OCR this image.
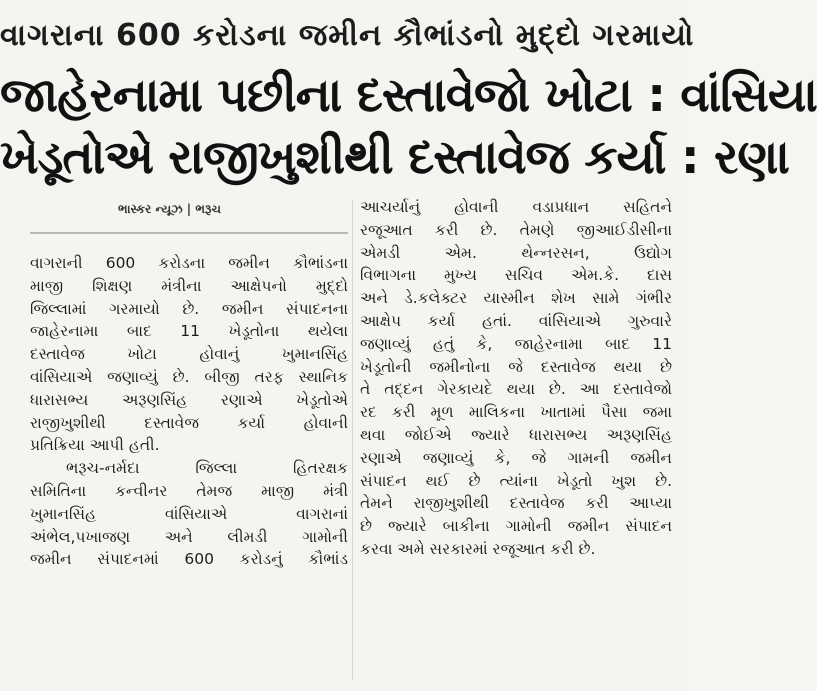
વાગરાના 600 કરોડના જમીન કૌભાંડનો મુદ્દો ગરમાયો
જાહેરનામા પછીના દસ્તાવેજો ખોટા : વાંસિયા
ખેડૂતોએ રાજીખુશીથી દસ્તાવેજ કર્યા : રણા
ભાસ્કર ન્યૂઝ | ભરૂચ
વાગરાની 600 કરોડના જમીન કૌભાંડના
માજી શિક્ષણ મંત્રીના આક્ષેપનો મુદ્દો
જિલ્લામાં ગરમાયો છે. જમીન સંપાદનના
જાહેરનામા બાદ 11 ખેડૂતોના થયેલા
દસ્તાવેજ ખોટા હોવાનું ખુમાનસિંહ
વાંસિયાએ જણાવ્યું છે. બીજી તરફ સ્થાનિક
ધારાસભ્ય અરૂણસિંહ રણાએ ખેડૂતોએ
રાજીખુશીથી દસ્તાવેજ કર્યા હોવાની
પ્રતિક્રિયા આપી હતી.
ભરૂચ-નર્મદા જિલ્લા હિતરક્ષક
સમિતિના કન્વીનર તેમજ માજી મંત્રી
ખુમાનસિંહ વાંસિયાએ વાગરાનાં
અંભેલ,પખાજણ અને લીમડી ગામોની
જમીન સંપાદનમાં 600 કરોડનું કૌભાંડ
આચર્યાનું હોવાની વડાપ્રધાન સહિતને
રજૂઆત કરી છે. તેમણે જીઆઈડીસીના
એમડી એમ. થેન્નરસન, ઉદ્યોગ
વિભાગના મુખ્ય સચિવ એમ.કે. દાસ
અને ડે.કલેક્ટર યાસ્મીન શેખ સામે ગંભીર
આક્ષેપ કર્યા હતાં. વાંસિયાએ ગુરુવારે
જણાવ્યું હતું કે, જાહેરનામા બાદ 11
ખેડૂતોની જમીનોના જે દસ્તાવેજ થયા છે
તે તદ્દન ગેરકાયદે થયા છે. આ દસ્તાવેજો
રદ કરી મૂળ માલિકના ખાતામાં પૈસા જમા
થવા જોઈએ જ્યારે ધારાસભ્ય અરૂણસિંહ
રણાએ જણાવ્યું કે, જે ગામની જમીન
સંપાદન થઈ છે ત્યાંના ખેડૂતો ખુશ છે.
તેમને રાજીખુશીથી દસ્તાવેજ કરી આપ્યા
છે જ્યારે બાકીના ગામોની જમીન સંપાદન
કરવા અમે સરકારમાં રજૂઆત કરી છે.
